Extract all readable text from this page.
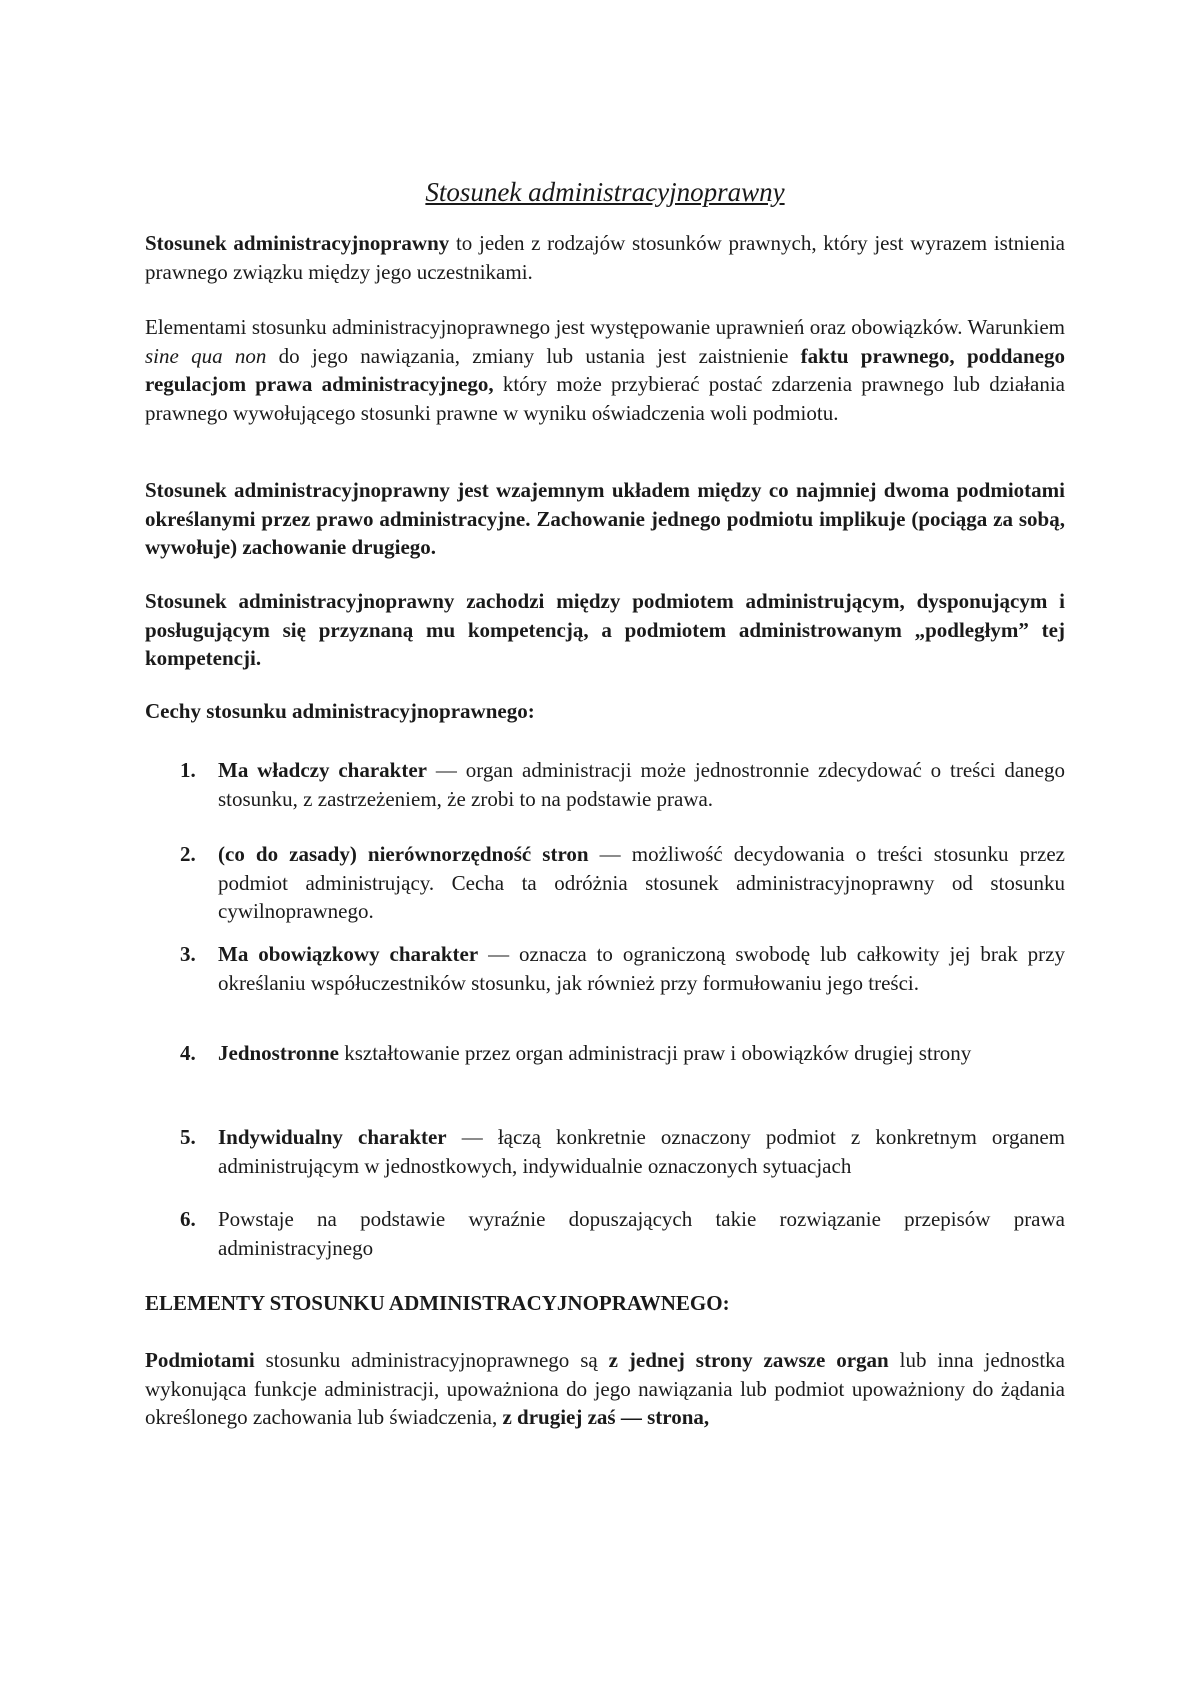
Stosunek administracyjnoprawny

Stosunek administracyjnoprawny to jeden z rodzajów stosunków prawnych, który jest wyrazem istnienia prawnego związku między jego uczestnikami.

Elementami stosunku administracyjnoprawnego jest występowanie uprawnień oraz obowiązków. Warunkiem sine qua non do jego nawiązania, zmiany lub ustania jest zaistnienie faktu prawnego, poddanego regulacjom prawa administracyjnego, który może przybierać postać zdarzenia prawnego lub działania prawnego wywołującego stosunki prawne w wyniku oświadczenia woli podmiotu.

Stosunek administracyjnoprawny jest wzajemnym układem między co najmniej dwoma podmiotami określanymi przez prawo administracyjne. Zachowanie jednego podmiotu implikuje (pociąga za sobą, wywołuje) zachowanie drugiego.

Stosunek administracyjnoprawny zachodzi między podmiotem administrującym, dysponującym i posługującym się przyznaną mu kompetencją, a podmiotem administrowanym „podległym” tej kompetencji.

Cechy stosunku administracyjnoprawnego:

1.	Ma władczy charakter — organ administracji może jednostronnie zdecydować o treści danego stosunku, z zastrzeżeniem, że zrobi to na podstawie prawa.
2.	(co do zasady) nierównorzędność stron — możliwość decydowania o treści stosunku przez podmiot administrujący. Cecha ta odróżnia stosunek administracyjnoprawny od stosunku cywilnoprawnego.
3.	Ma obowiązkowy charakter — oznacza to ograniczoną swobodę lub całkowity jej brak przy określaniu współuczestników stosunku, jak również przy formułowaniu jego treści.
4.	Jednostronne kształtowanie przez organ administracji praw i obowiązków drugiej strony
5.	Indywidualny charakter — łączą konkretnie oznaczony podmiot z konkretnym organem administrującym w jednostkowych, indywidualnie oznaczonych sytuacjach
6.	Powstaje na podstawie wyraźnie dopuszających takie rozwiązanie przepisów prawa administracyjnego

ELEMENTY STOSUNKU ADMINISTRACYJNOPRAWNEGO:

Podmiotami stosunku administracyjnoprawnego są z jednej strony zawsze organ lub inna jednostka wykonująca funkcje administracji, upoważniona do jego nawiązania lub podmiot upoważniony do żądania określonego zachowania lub świadczenia, z drugiej zaś — strona,
